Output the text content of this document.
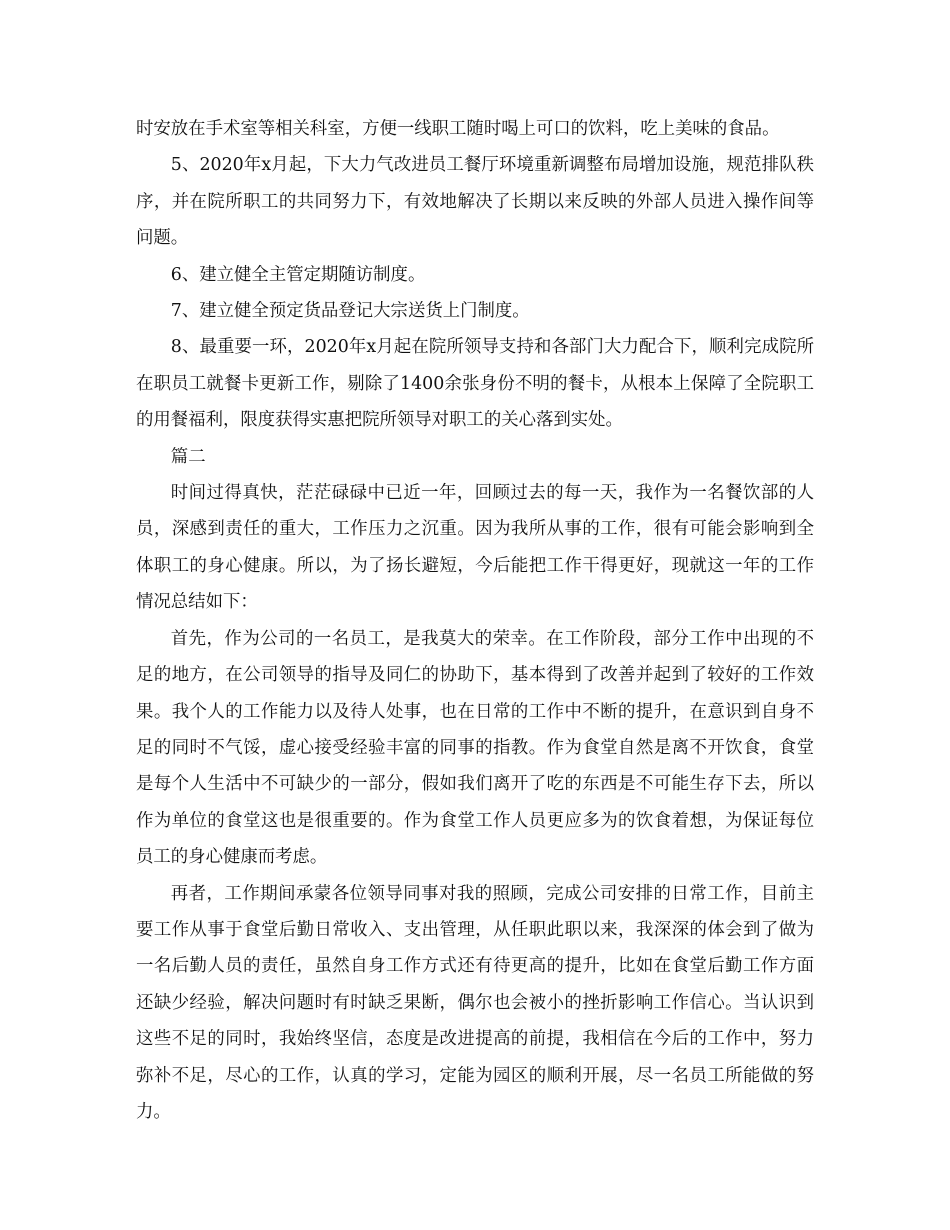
时安放在手术室等相关科室，方便一线职工随时喝上可口的饮料，吃上美味的食品。

5、2020年x月起，下大力气改进员工餐厅环境重新调整布局增加设施，规范排队秩序，并在院所职工的共同努力下，有效地解决了长期以来反映的外部人员进入操作间等问题。

6、建立健全主管定期随访制度。

7、建立健全预定货品登记大宗送货上门制度。

8、最重要一环，2020年x月起在院所领导支持和各部门大力配合下，顺利完成院所在职员工就餐卡更新工作，剔除了1400余张身份不明的餐卡，从根本上保障了全院职工的用餐福利，限度获得实惠把院所领导对职工的关心落到实处。

篇二

时间过得真快，茫茫碌碌中已近一年，回顾过去的每一天，我作为一名餐饮部的人员，深感到责任的重大，工作压力之沉重。因为我所从事的工作，很有可能会影响到全体职工的身心健康。所以，为了扬长避短，今后能把工作干得更好，现就这一年的工作情况总结如下：

首先，作为公司的一名员工，是我莫大的荣幸。在工作阶段，部分工作中出现的不足的地方，在公司领导的指导及同仁的协助下，基本得到了改善并起到了较好的工作效果。我个人的工作能力以及待人处事，也在日常的工作中不断的提升，在意识到自身不足的同时不气馁，虚心接受经验丰富的同事的指教。作为食堂自然是离不开饮食，食堂是每个人生活中不可缺少的一部分，假如我们离开了吃的东西是不可能生存下去，所以作为单位的食堂这也是很重要的。作为食堂工作人员更应多为的饮食着想，为保证每位员工的身心健康而考虑。

再者，工作期间承蒙各位领导同事对我的照顾，完成公司安排的日常工作，目前主要工作从事于食堂后勤日常收入、支出管理，从任职此职以来，我深深的体会到了做为一名后勤人员的责任，虽然自身工作方式还有待更高的提升，比如在食堂后勤工作方面还缺少经验，解决问题时有时缺乏果断，偶尔也会被小的挫折影响工作信心。当认识到这些不足的同时，我始终坚信，态度是改进提高的前提，我相信在今后的工作中，努力弥补不足，尽心的工作，认真的学习，定能为园区的顺利开展，尽一名员工所能做的努力。
